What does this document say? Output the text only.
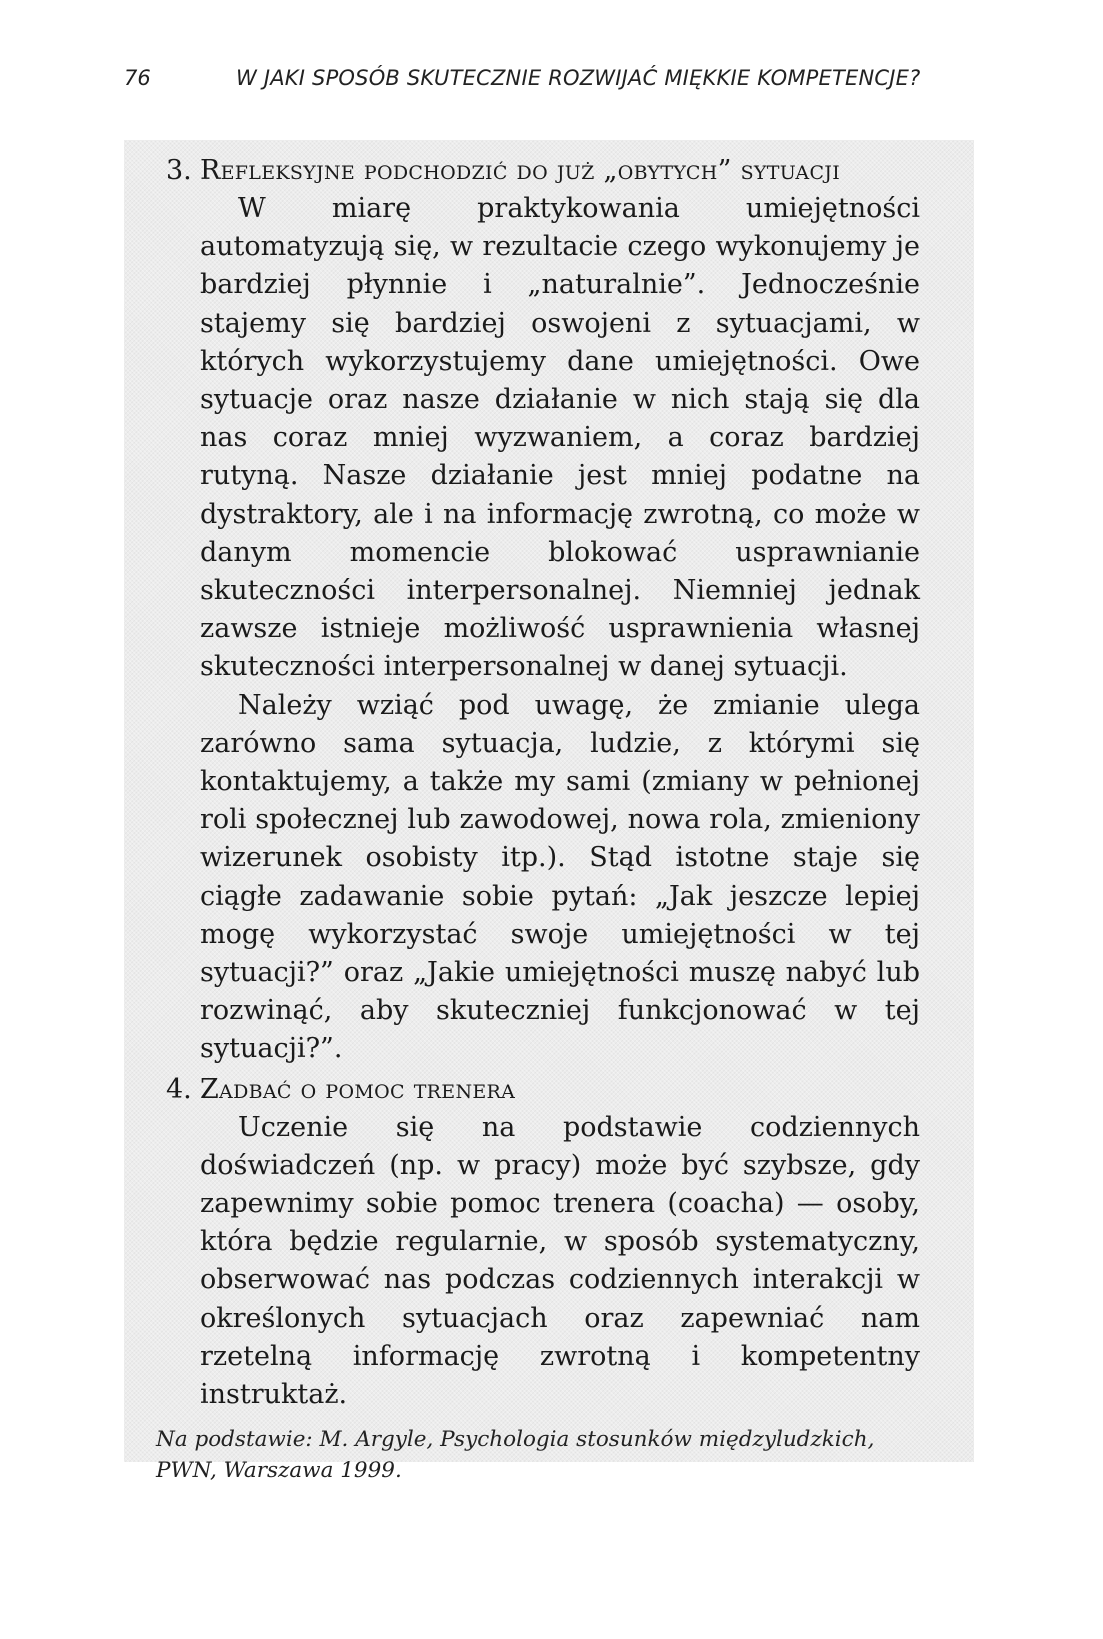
76	W JAKI SPOSÓB SKUTECZNIE ROZWIJAĆ MIĘKKIE KOMPETENCJE?
3. Refleksyjne podchodzić do już „obytych” sytuacji

W miarę praktykowania umiejętności automatyzują się, w rezultacie czego wykonujemy je bardziej płynnie i „naturalnie”. Jednocześnie stajemy się bardziej oswojeni z sytuacjami, w których wykorzystujemy dane umiejętności. Owe sytuacje oraz nasze działanie w nich stają się dla nas coraz mniej wyzwaniem, a coraz bardziej rutyną. Nasze działanie jest mniej podatne na dystraktory, ale i na informację zwrotną, co może w danym momencie blokować usprawnianie skuteczności interpersonalnej. Niemniej jednak zawsze istnieje możliwość usprawnienia własnej skuteczności interpersonalnej w danej sytuacji.

Należy wziąć pod uwagę, że zmianie ulega zarówno sama sytuacja, ludzie, z którymi się kontaktujemy, a także my sami (zmiany w pełnionej roli społecznej lub zawodowej, nowa rola, zmieniony wizerunek osobisty itp.). Stąd istotne staje się ciągłe zadawanie sobie pytań: „Jak jeszcze lepiej mogę wykorzystać swoje umiejętności w tej sytuacji?” oraz „Jakie umiejętności muszę nabyć lub rozwinąć, aby skuteczniej funkcjonować w tej sytuacji?”.

4. Zadbać o pomoc trenera

Uczenie się na podstawie codziennych doświadczeń (np. w pracy) może być szybsze, gdy zapewnimy sobie pomoc trenera (coacha) — osoby, która będzie regularnie, w sposób systematyczny, obserwować nas podczas codziennych interakcji w określonych sytuacjach oraz zapewniać nam rzetelną informację zwrotną i kompetentny instruktaż.

Na podstawie: M. Argyle, Psychologia stosunków międzyludzkich, PWN, Warszawa 1999.
